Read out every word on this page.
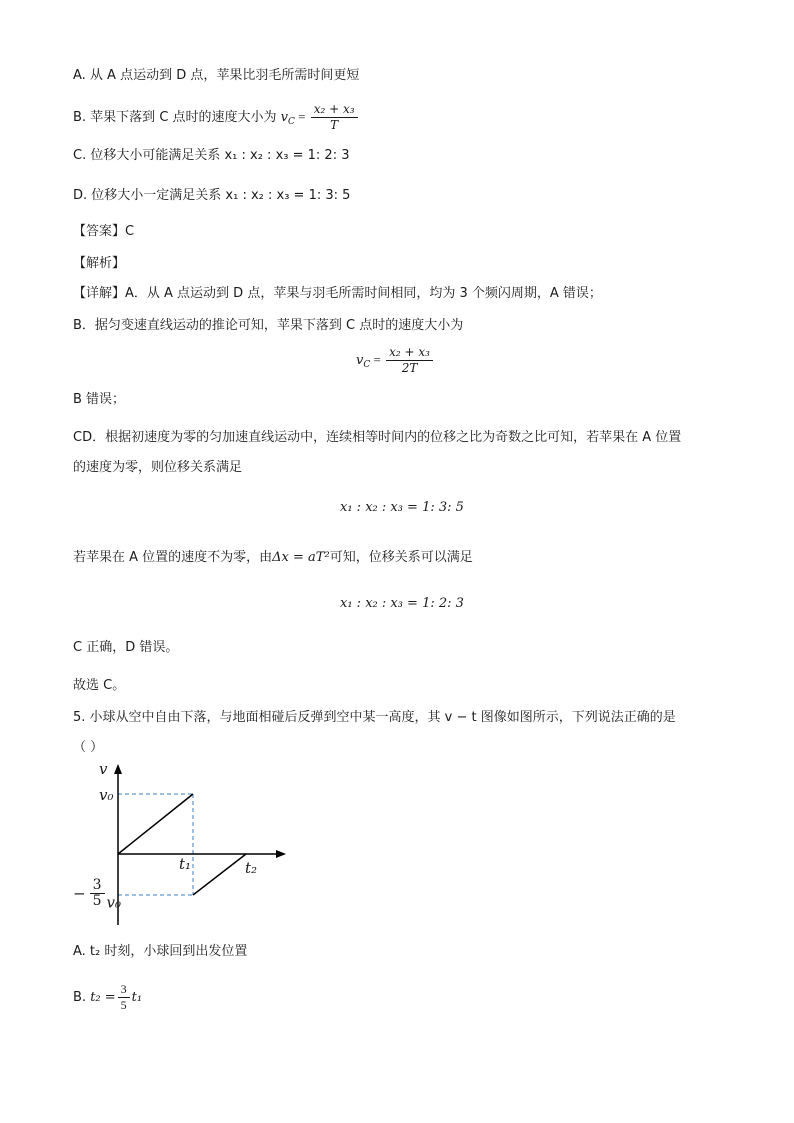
A. 从 A 点运动到 D 点，苹果比羽毛所需时间更短
B. 苹果下落到 C 点时的速度大小为 $v_C = \frac{\text{x₂ + x₃}}{T}$
C. 位移大小可能满足关系 x₁ : x₂ : x₃ = 1: 2: 3
D. 位移大小一定满足关系 x₁ : x₂ : x₃ = 1: 3: 5
【答案】C
【解析】
【详解】A．从 A 点运动到 D 点，苹果与羽毛所需时间相同，均为 3 个频闪周期，A 错误；
B．据匀变速直线运动的推论可知，苹果下落到 C 点时的速度大小为
$v_C = \frac{\text{x₂ + x₃}}{2T}$
B 错误；
CD．根据初速度为零的匀加速直线运动中，连续相等时间内的位移之比为奇数之比可知，若苹果在 A 位置
的速度为零，则位移关系满足
x₁ : x₂ : x₃ = 1: 3: 5
若苹果在 A 位置的速度不为零，由Δx = aT²可知，位移关系可以满足
x₁ : x₂ : x₃ = 1: 2: 3
C 正确，D 错误。
故选 C。
5. 小球从空中自由下落，与地面相碰后反弹到空中某一高度，其 v − t 图像如图所示，下列说法正确的是
（ ）
v
v₀
t₁	t₂
− $\frac{3}{5} v_0$
A. t₂ 时刻，小球回到出发位置
B. $t_2 = \frac{3}{5} t_1$
